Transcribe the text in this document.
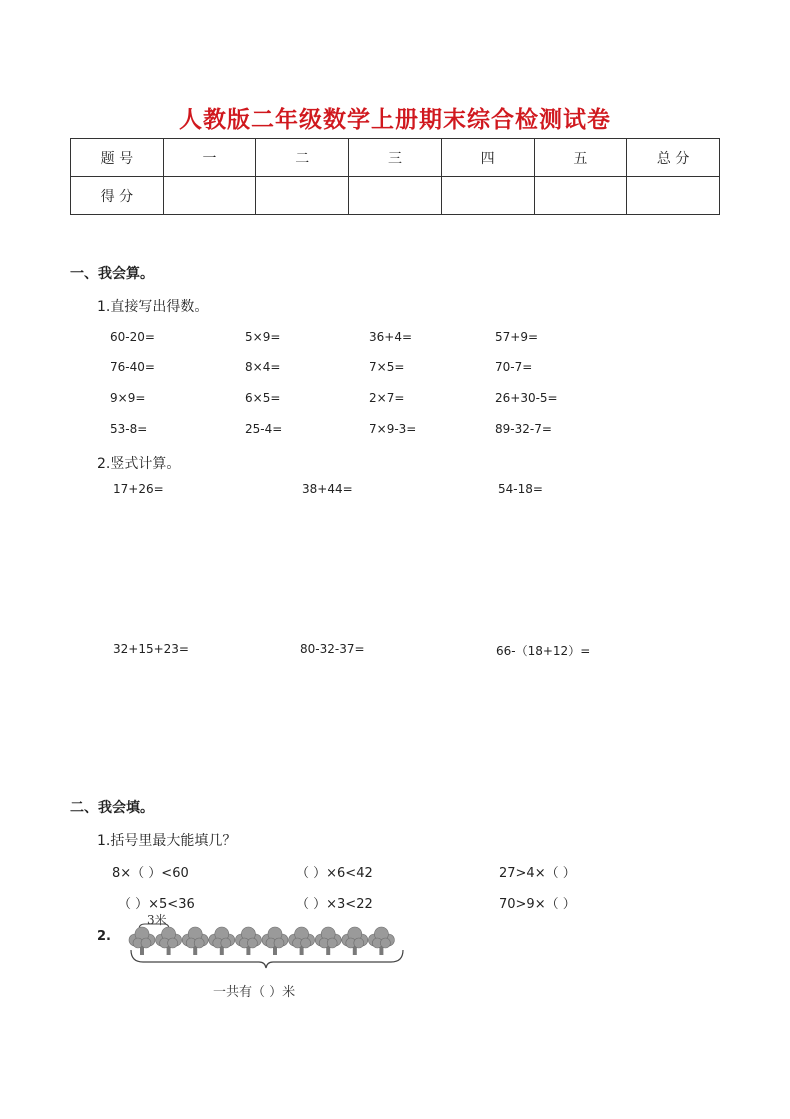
人教版二年级数学上册期末综合检测试卷
题 号	一	二	三	四	五	总 分
得 分						
一、我会算。
1.直接写出得数。
60-20=	5×9=	36+4=	57+9=
76-40=	8×4=	7×5=	70-7=
9×9=	6×5=	2×7=	26+30-5=
53-8=	25-4=	7×9-3=	89-32-7=
2.竖式计算。
17+26=	38+44=	54-18=
32+15+23=	80-32-37=	66-（18+12）=
二、我会填。
1.括号里最大能填几？
8×（ ）<60	（ ）×6<42	27>4×（ ）
（ ）×5<36	（ ）×3<22	70>9×（ ）
2.
3米
一共有（ ）米
